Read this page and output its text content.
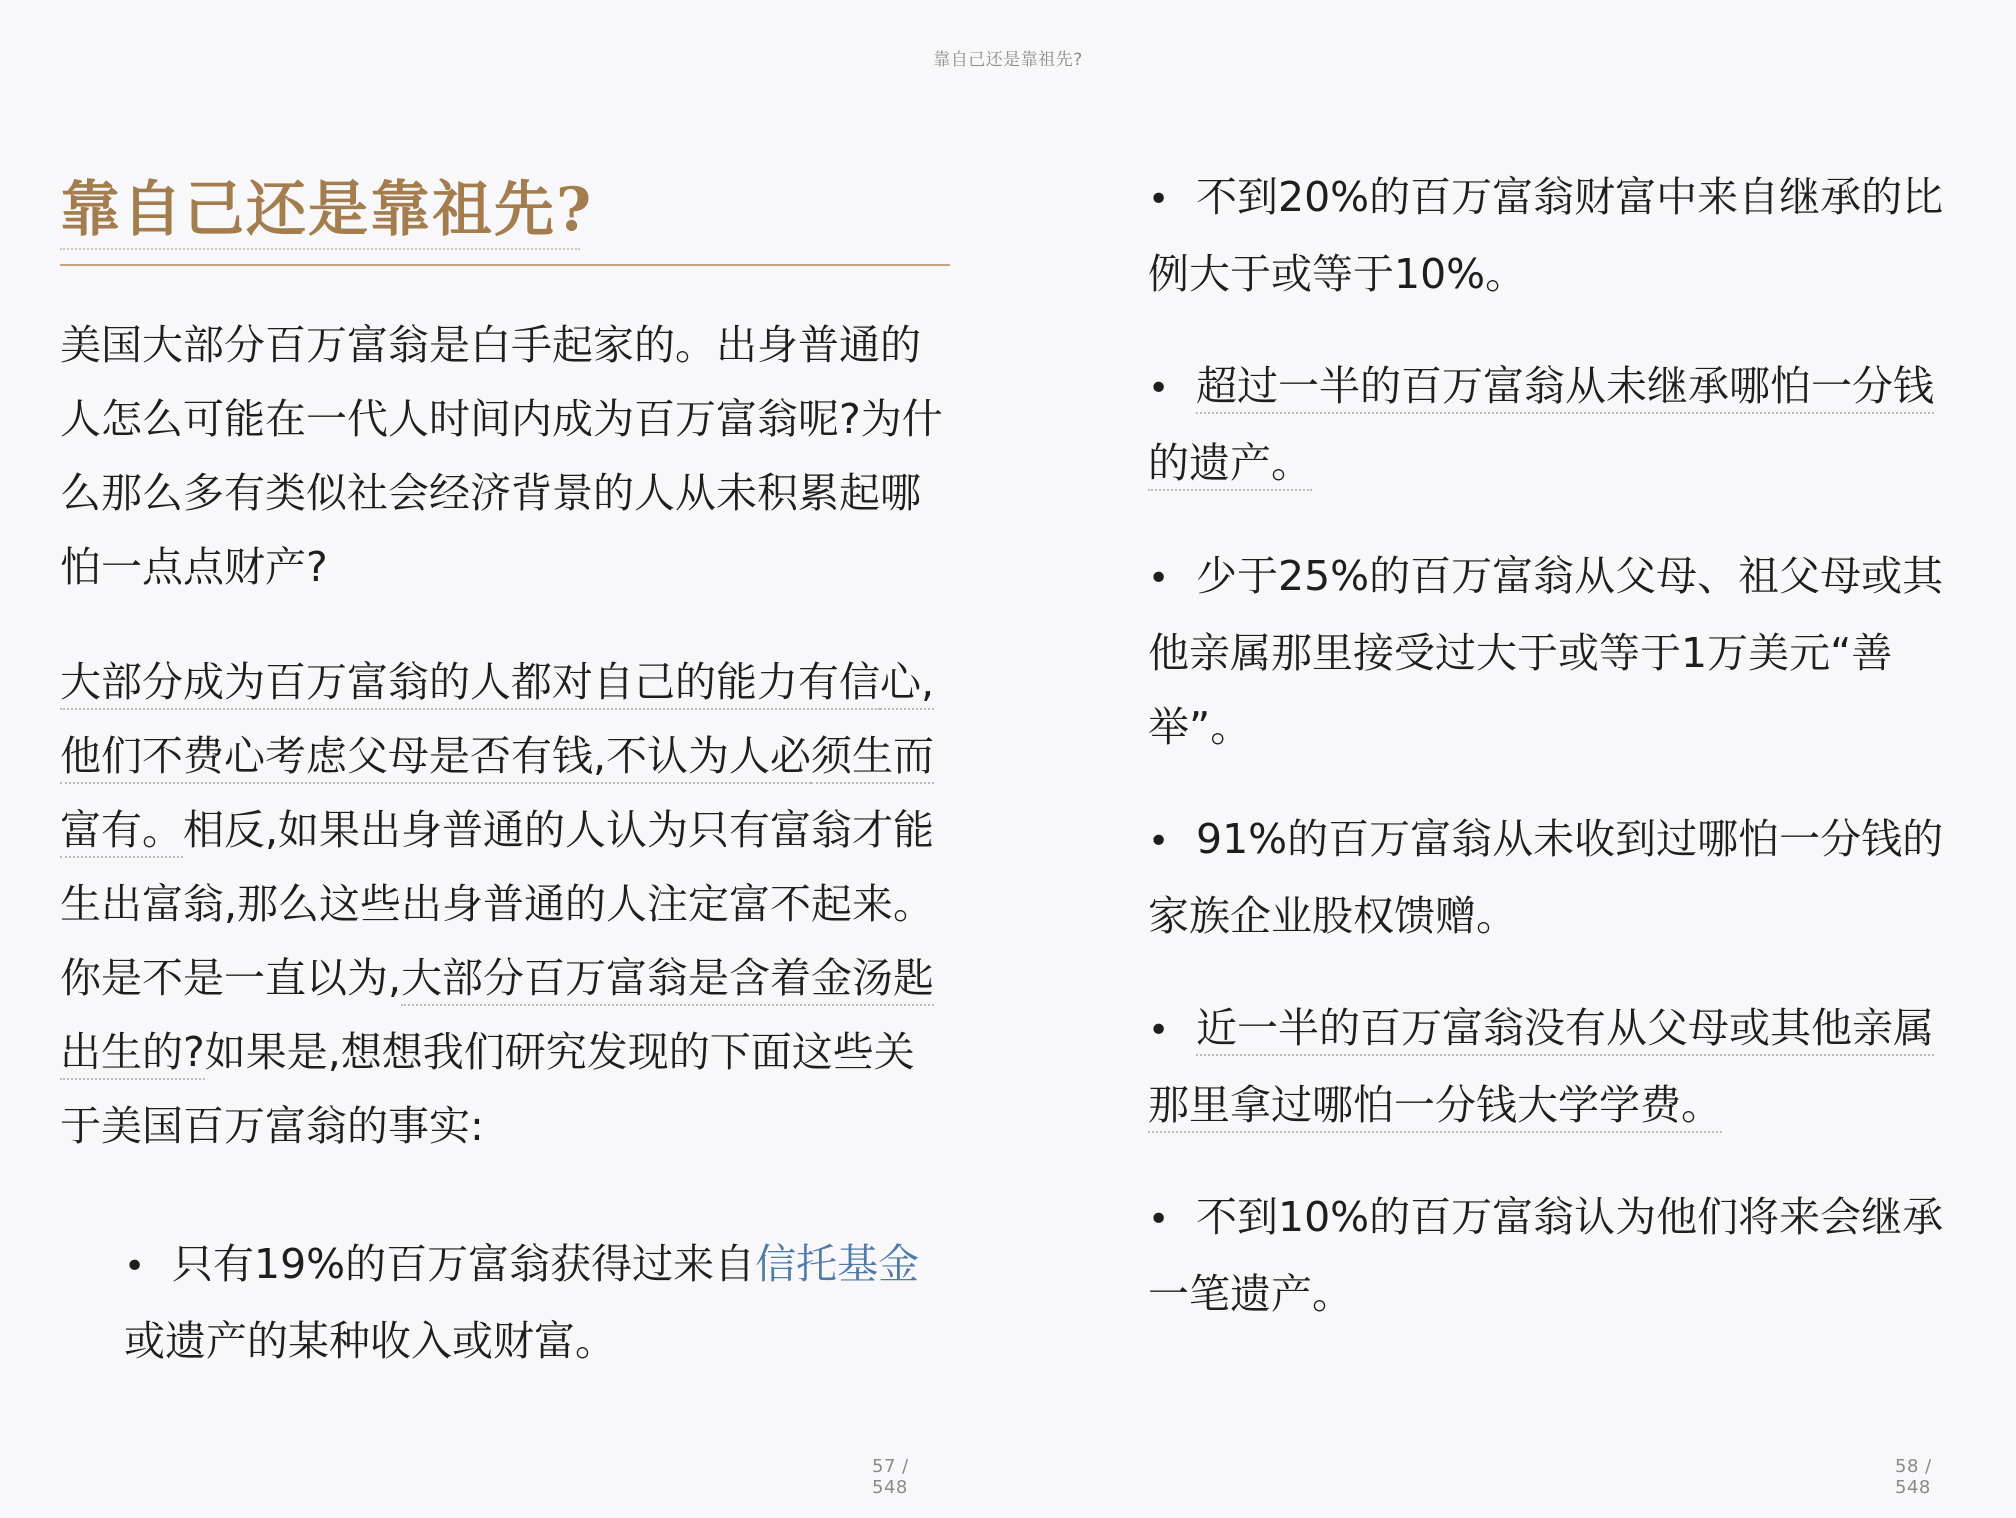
靠自己还是靠祖先?
靠自己还是靠祖先?

美国大部分百万富翁是白手起家的。出身普通的人怎么可能在一代人时间内成为百万富翁呢?为什么那么多有类似社会经济背景的人从未积累起哪怕一点点财产?

大部分成为百万富翁的人都对自己的能力有信心,他们不费心考虑父母是否有钱,不认为人必须生而富有。相反,如果出身普通的人认为只有富翁才能生出富翁,那么这些出身普通的人注定富不起来。你是不是一直以为,大部分百万富翁是含着金汤匙出生的?如果是,想想我们研究发现的下面这些关于美国百万富翁的事实:

• 只有19%的百万富翁获得过来自信托基金或遗产的某种收入或财富。

57 / 548

• 不到20%的百万富翁财富中来自继承的比例大于或等于10%。

• 超过一半的百万富翁从未继承哪怕一分钱的遗产。

• 少于25%的百万富翁从父母、祖父母或其他亲属那里接受过大于或等于1万美元“善举”。

• 91%的百万富翁从未收到过哪怕一分钱的家族企业股权馈赠。

• 近一半的百万富翁没有从父母或其他亲属那里拿过哪怕一分钱大学学费。

• 不到10%的百万富翁认为他们将来会继承一笔遗产。

58 / 548
